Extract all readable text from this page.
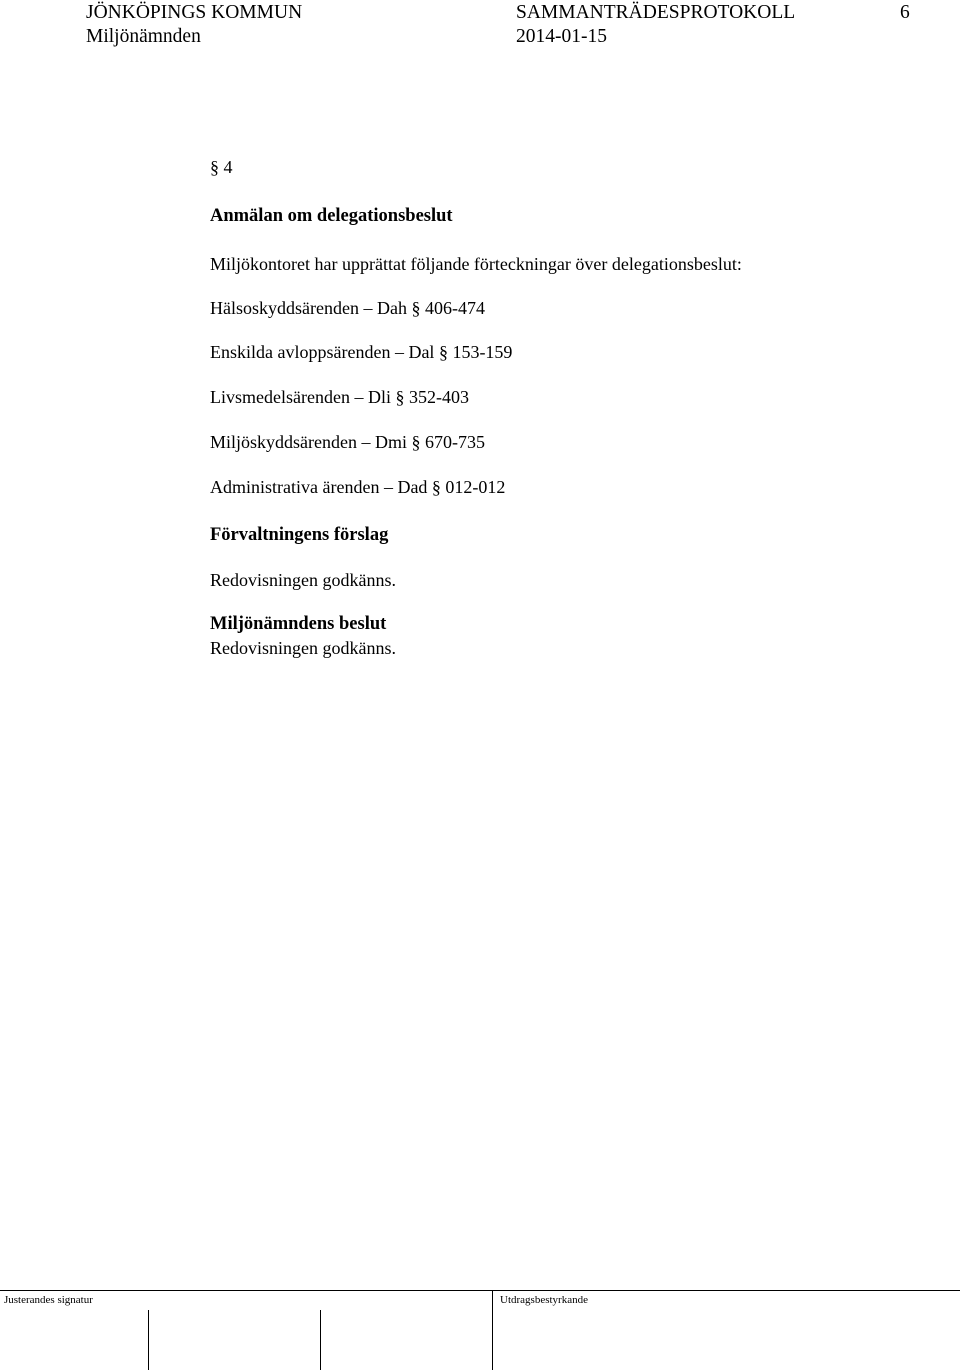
JÖNKÖPINGS KOMMUN
Miljönämnden
SAMMANTRÄDESPROTOKOLL
2014-01-15
6
§ 4
Anmälan om delegationsbeslut
Miljökontoret har upprättat följande förteckningar över delegationsbeslut:
Hälsoskyddsärenden – Dah § 406-474
Enskilda avloppsärenden – Dal § 153-159
Livsmedelsärenden – Dli § 352-403
Miljöskyddsärenden – Dmi § 670-735
Administrativa ärenden – Dad § 012-012
Förvaltningens förslag
Redovisningen godkänns.
Miljönämndens beslut
Redovisningen godkänns.
Justerandes signatur	Utdragsbestyrkande
